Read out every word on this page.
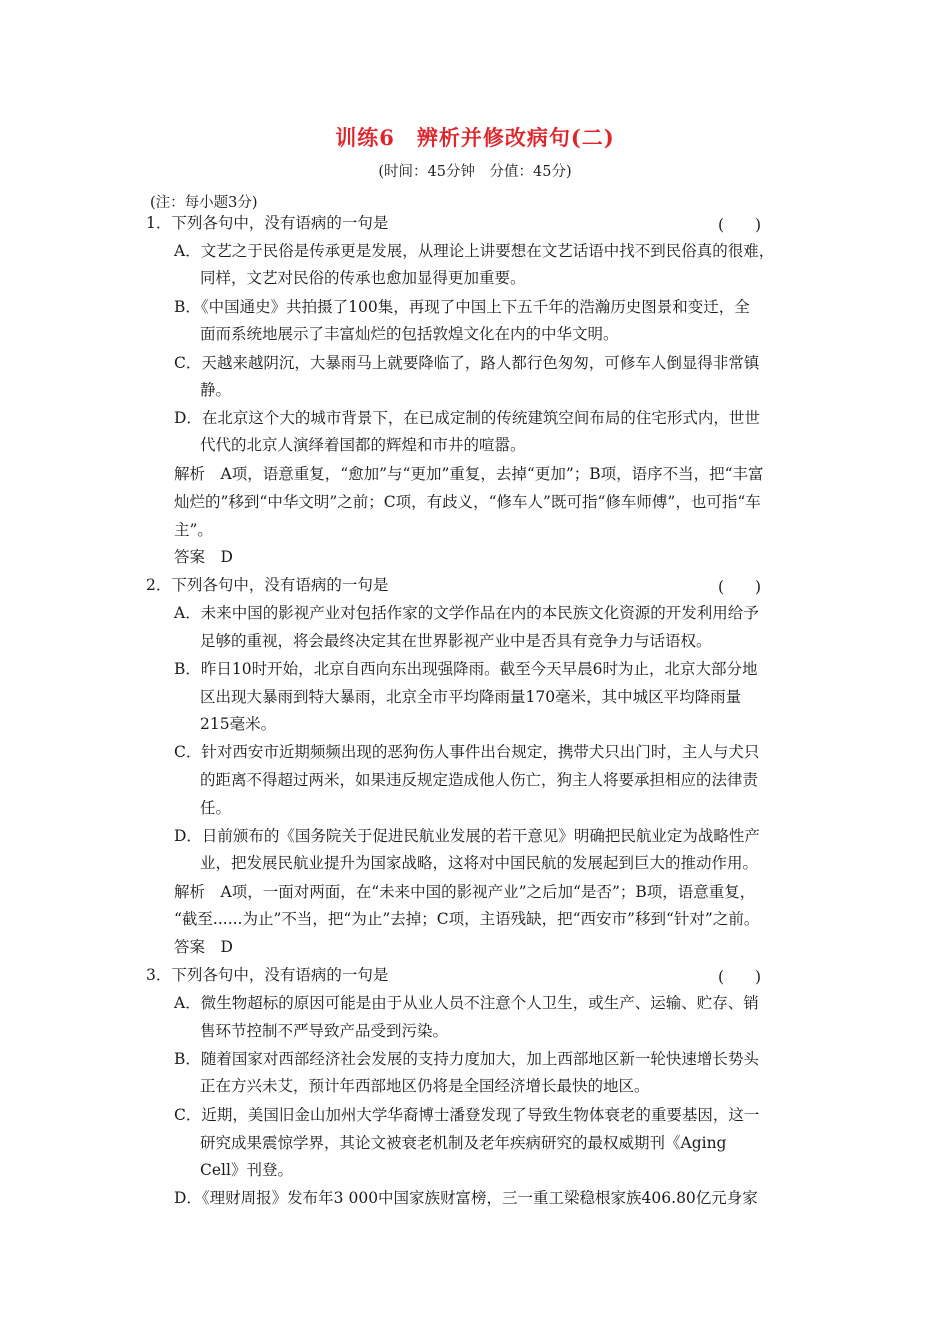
训练6　辨析并修改病句(二)
(时间：45分钟　分值：45分)
(注：每小题3分)
1．下列各句中，没有语病的一句是	(　　)
A．文艺之于民俗是传承更是发展，从理论上讲要想在文艺话语中找不到民俗真的很难，
同样，文艺对民俗的传承也愈加显得更加重要。
B．《中国通史》共拍摄了100集，再现了中国上下五千年的浩瀚历史图景和变迁，全
面而系统地展示了丰富灿烂的包括敦煌文化在内的中华文明。
C．天越来越阴沉，大暴雨马上就要降临了，路人都行色匆匆，可修车人倒显得非常镇
静。
D．在北京这个大的城市背景下，在已成定制的传统建筑空间布局的住宅形式内，世世
代代的北京人演绎着国都的辉煌和市井的喧嚣。
解析　A项，语意重复，“愈加”与“更加”重复，去掉“更加”；B项，语序不当，把“丰富
灿烂的”移到“中华文明”之前；C项，有歧义，“修车人”既可指“修车师傅”，也可指“车
主”。
答案　D
2．下列各句中，没有语病的一句是	(　　)
A．未来中国的影视产业对包括作家的文学作品在内的本民族文化资源的开发利用给予
足够的重视，将会最终决定其在世界影视产业中是否具有竞争力与话语权。
B．昨日10时开始，北京自西向东出现强降雨。截至今天早晨6时为止，北京大部分地
区出现大暴雨到特大暴雨，北京全市平均降雨量170毫米，其中城区平均降雨量
215毫米。
C．针对西安市近期频频出现的恶狗伤人事件出台规定，携带犬只出门时，主人与犬只
的距离不得超过两米，如果违反规定造成他人伤亡，狗主人将要承担相应的法律责
任。
D．日前颁布的《国务院关于促进民航业发展的若干意见》明确把民航业定为战略性产
业，把发展民航业提升为国家战略，这将对中国民航的发展起到巨大的推动作用。
解析　A项，一面对两面，在“未来中国的影视产业”之后加“是否”；B项，语意重复，
“截至......为止”不当，把“为止”去掉；C项，主语残缺，把“西安市”移到“针对”之前。
答案　D
3．下列各句中，没有语病的一句是	(　　)
A．微生物超标的原因可能是由于从业人员不注意个人卫生，或生产、运输、贮存、销
售环节控制不严导致产品受到污染。
B．随着国家对西部经济社会发展的支持力度加大，加上西部地区新一轮快速增长势头
正在方兴未艾，预计年西部地区仍将是全国经济增长最快的地区。
C．近期，美国旧金山加州大学华裔博士潘登发现了导致生物体衰老的重要基因，这一
研究成果震惊学界，其论文被衰老机制及老年疾病研究的最权威期刊《Aging
Cell》刊登。
D．《理财周报》发布年3 000中国家族财富榜，三一重工梁稳根家族406.80亿元身家
